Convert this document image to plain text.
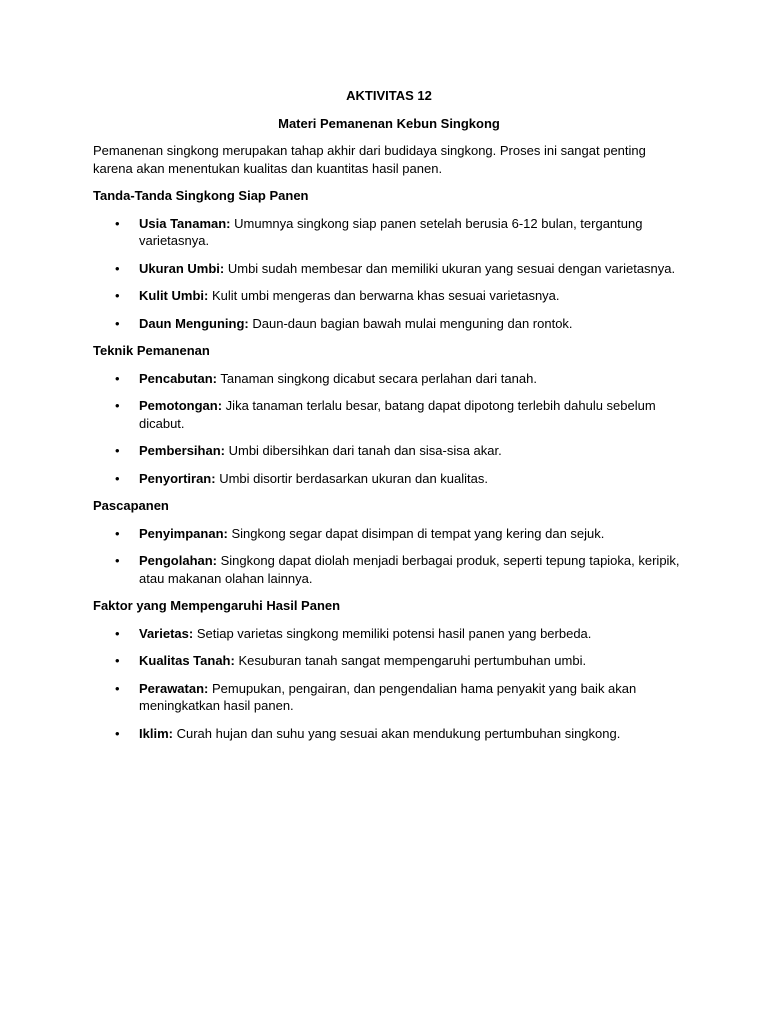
AKTIVITAS 12

Materi Pemanenan Kebun Singkong

Pemanenan singkong merupakan tahap akhir dari budidaya singkong. Proses ini sangat penting karena akan menentukan kualitas dan kuantitas hasil panen.

Tanda-Tanda Singkong Siap Panen

• Usia Tanaman: Umumnya singkong siap panen setelah berusia 6-12 bulan, tergantung varietasnya.
• Ukuran Umbi: Umbi sudah membesar dan memiliki ukuran yang sesuai dengan varietasnya.
• Kulit Umbi: Kulit umbi mengeras dan berwarna khas sesuai varietasnya.
• Daun Menguning: Daun-daun bagian bawah mulai menguning dan rontok.

Teknik Pemanenan

• Pencabutan: Tanaman singkong dicabut secara perlahan dari tanah.
• Pemotongan: Jika tanaman terlalu besar, batang dapat dipotong terlebih dahulu sebelum dicabut.
• Pembersihan: Umbi dibersihkan dari tanah dan sisa-sisa akar.
• Penyortiran: Umbi disortir berdasarkan ukuran dan kualitas.

Pascapanen

• Penyimpanan: Singkong segar dapat disimpan di tempat yang kering dan sejuk.
• Pengolahan: Singkong dapat diolah menjadi berbagai produk, seperti tepung tapioka, keripik, atau makanan olahan lainnya.

Faktor yang Mempengaruhi Hasil Panen

• Varietas: Setiap varietas singkong memiliki potensi hasil panen yang berbeda.
• Kualitas Tanah: Kesuburan tanah sangat mempengaruhi pertumbuhan umbi.
• Perawatan: Pemupukan, pengairan, dan pengendalian hama penyakit yang baik akan meningkatkan hasil panen.
• Iklim: Curah hujan dan suhu yang sesuai akan mendukung pertumbuhan singkong.
